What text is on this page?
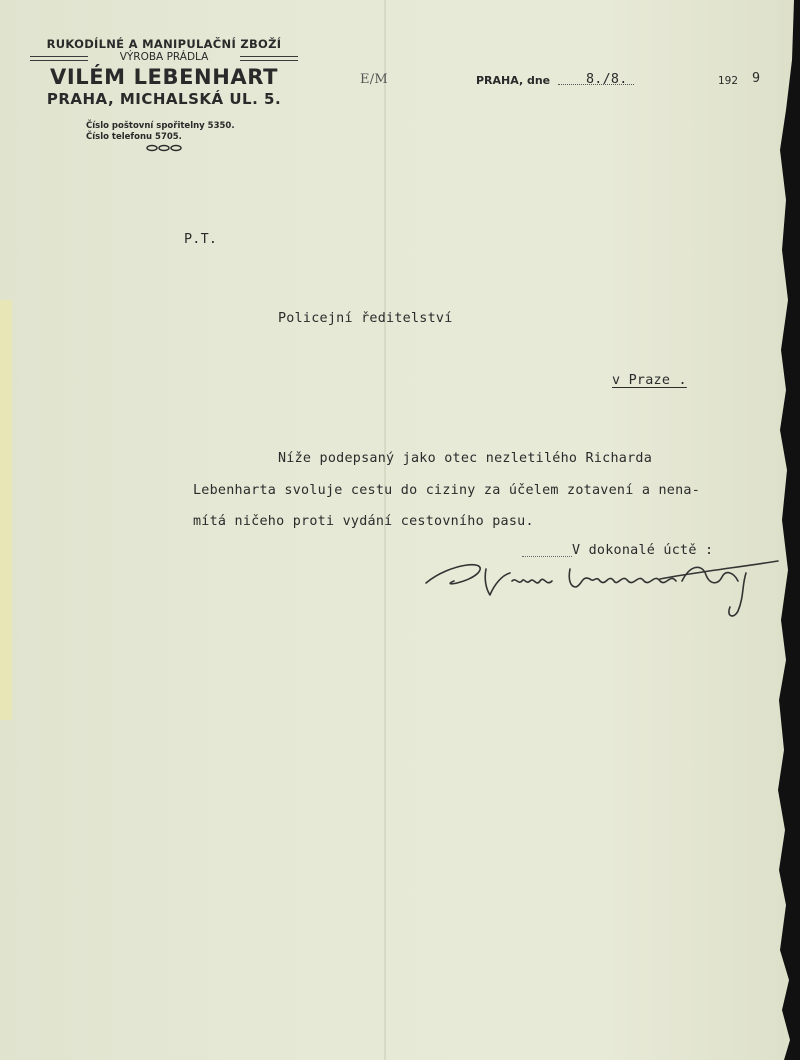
RUKODÍLNÉ A MANIPULAČNÍ ZBOŽÍ
VÝROBA PRÁDLA
VILÉM LEBENHART
PRAHA, MICHALSKÁ UL. 5.
Číslo poštovní spořitelny 5350.
Číslo telefonu 5705.
E/M	PRAHA, dne	8./8.	192 9
P.T.
Policejní ředitelství
v Praze .
Níže podepsaný jako otec nezletilého Richarda
Lebenharta svoluje cestu do ciziny za účelem zotavení a nena-
mítá ničeho proti vydání cestovního pasu.
V dokonalé úctě :
